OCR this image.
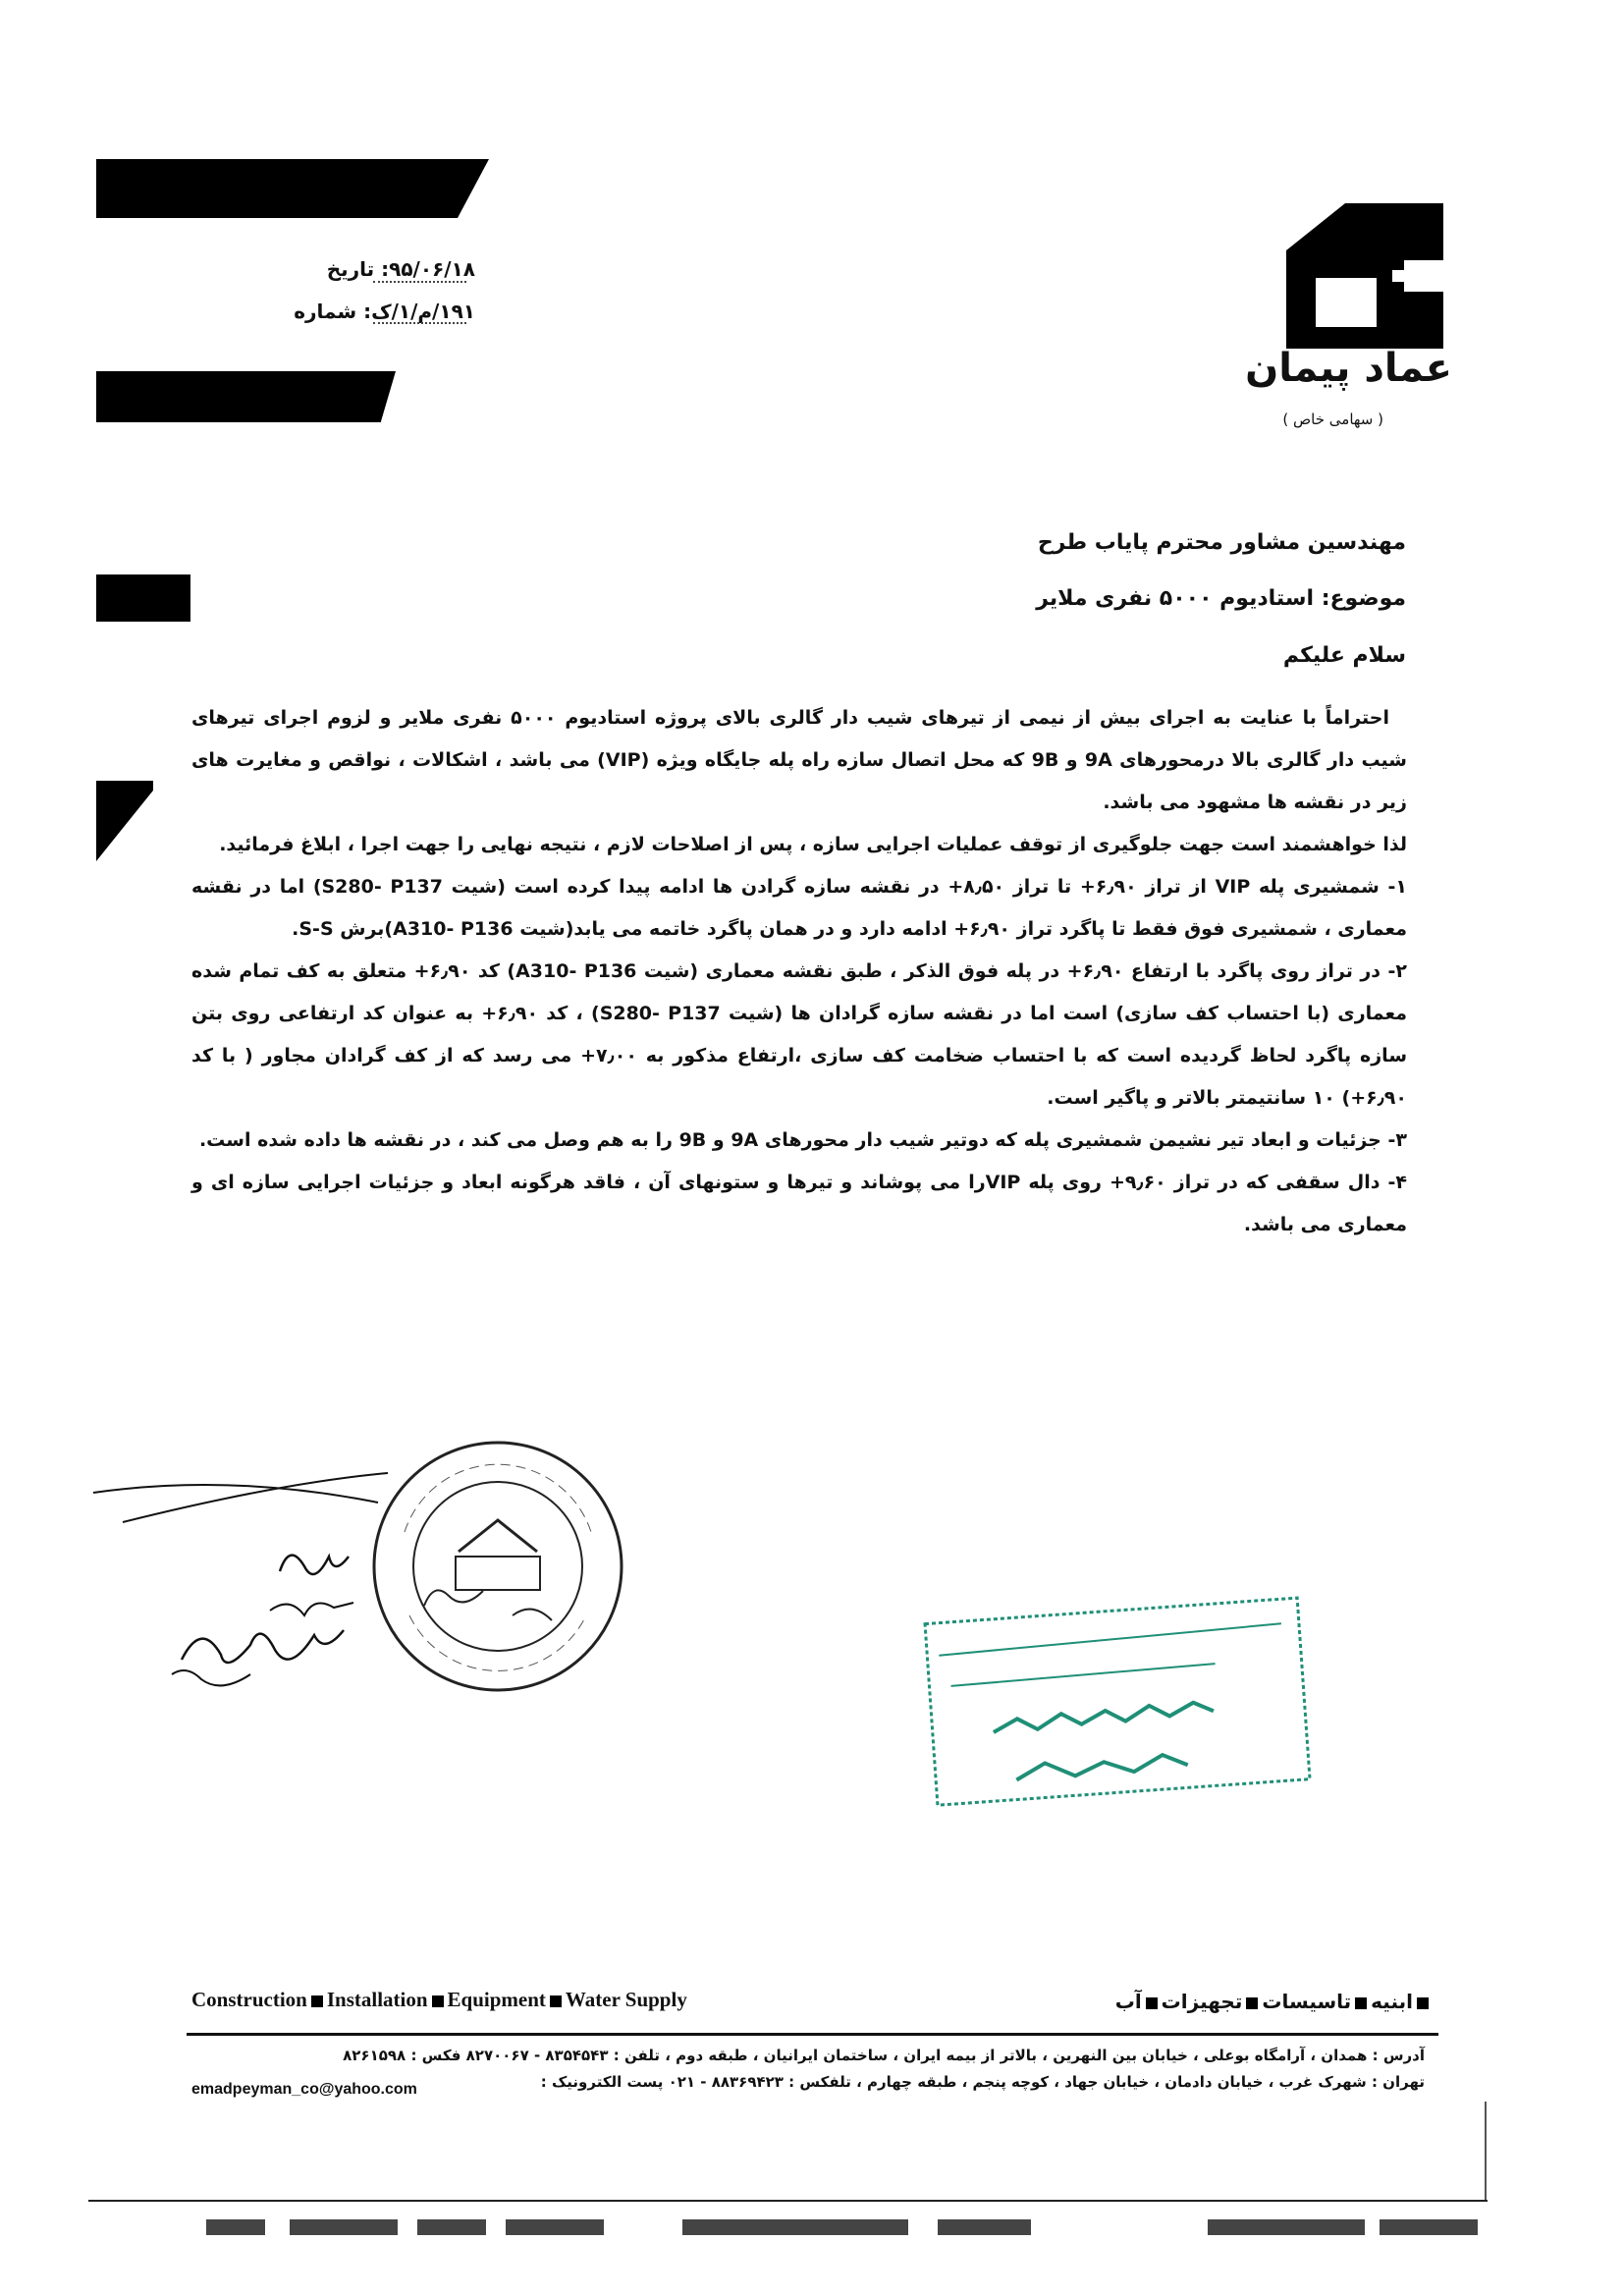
۹۵/۰۶/۱۸: تاریخ
۱۹۱/م/۱/ک: شماره
عماد پیمان
( سهامی خاص )
مهندسین مشاور محترم پایاب طرح
موضوع: استادیوم ۵۰۰۰ نفری ملایر
سلام علیکم

احتراماً با عنایت به اجرای بیش از نیمی از تیرهای شیب دار گالری بالای پروژه استادیوم ۵۰۰۰ نفری ملایر و لزوم اجرای تیرهای شیب دار گالری بالا درمحورهای 9A و 9B که محل اتصال سازه راه پله جایگاه ویژه (VIP) می باشد ، اشکالات ، نواقص و مغایرت های زیر در نقشه ها مشهود می باشد.

لذا خواهشمند است جهت جلوگیری از توقف عملیات اجرایی سازه ، پس از اصلاحات لازم ، نتیجه نهایی را جهت اجرا ، ابلاغ فرمائید.

۱- شمشیری پله VIP از تراز ۶٫۹۰+ تا تراز ۸٫۵۰+ در نقشه سازه گرادن ها ادامه پیدا کرده است (شیت S280- P137) اما در نقشه معماری ، شمشیری فوق فقط تا پاگرد تراز ۶٫۹۰+ ادامه دارد و در همان پاگرد خاتمه می یابد(شیت A310- P136)برش S-S.

۲- در تراز روی پاگرد با ارتفاع ۶٫۹۰+ در پله فوق الذکر ، طبق نقشه معماری (شیت A310- P136) کد ۶٫۹۰+ متعلق به کف تمام شده معماری (با احتساب کف سازی) است اما در نقشه سازه گرادان ها (شیت S280- P137) ، کد ۶٫۹۰+ به عنوان کد ارتفاعی روی بتن سازه پاگرد لحاظ گردیده است که با احتساب ضخامت کف سازی ،ارتفاع مذکور به ۷٫۰۰+ می رسد که از کف گرادان مجاور ( با کد ۶٫۹۰+) ۱۰ سانتیمتر بالاتر و پاگیر است.

۳- جزئیات و ابعاد تیر نشیمن شمشیری پله که دوتیر شیب دار محورهای 9A و 9B را به هم وصل می کند ، در نقشه ها داده شده است.

۴- دال سقفی که در تراز ۹٫۶۰+ روی پله VIPرا می پوشاند و تیرها و ستونهای آن ، فاقد هرگونه ابعاد و جزئیات اجرایی سازه ای و معماری می باشد.

Construction Installation Equipment Water Supply	ابنیهتاسیساتتجهیزاتآب

آدرس : همدان ، آرامگاه بوعلی ، خیابان بین النهرین ، بالاتر از بیمه ایران ، ساختمان ایرانیان ، طبقه دوم ، تلفن : ۸۳۵۴۵۴۳ - ۸۲۷۰۰۶۷ فکس : ۸۲۶۱۵۹۸

تهران : شهرک غرب ، خیابان دادمان ، خیابان جهاد ، کوچه پنجم ، طبقه چهارم ، تلفکس : ۸۸۳۶۹۴۲۳ - ۰۲۱ پست الکترونیک :

emadpeyman_co@yahoo.com
